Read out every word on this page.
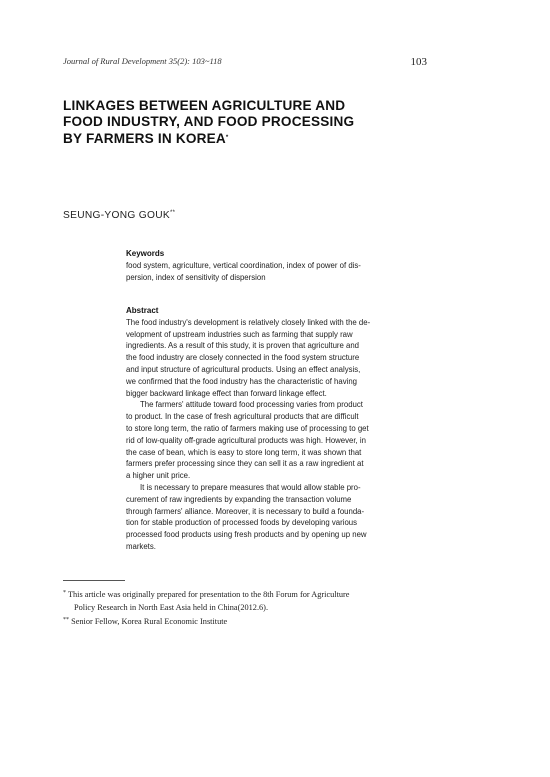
Journal of Rural Development 35(2): 103~118	103
LINKAGES BETWEEN AGRICULTURE AND
FOOD INDUSTRY, AND FOOD PROCESSING
BY FARMERS IN KOREA*
SEUNG-YONG GOUK**
Keywords
food system, agriculture, vertical coordination, index of power of dis-
persion, index of sensitivity of dispersion
Abstract
The food industry's development is relatively closely linked with the de-
velopment of upstream industries such as farming that supply raw
ingredients. As a result of this study, it is proven that agriculture and
the food industry are closely connected in the food system structure
and input structure of agricultural products. Using an effect analysis,
we confirmed that the food industry has the characteristic of having
bigger backward linkage effect than forward linkage effect.
The farmers' attitude toward food processing varies from product
to product. In the case of fresh agricultural products that are difficult
to store long term, the ratio of farmers making use of processing to get
rid of low-quality off-grade agricultural products was high. However, in
the case of bean, which is easy to store long term, it was shown that
farmers prefer processing since they can sell it as a raw ingredient at
a higher unit price.
It is necessary to prepare measures that would allow stable pro-
curement of raw ingredients by expanding the transaction volume
through farmers' alliance. Moreover, it is necessary to build a founda-
tion for stable production of processed foods by developing various
processed food products using fresh products and by opening up new
markets.
* This article was originally prepared for presentation to the 8th Forum for Agriculture
Policy Research in North East Asia held in China(2012.6).
** Senior Fellow, Korea Rural Economic Institute
